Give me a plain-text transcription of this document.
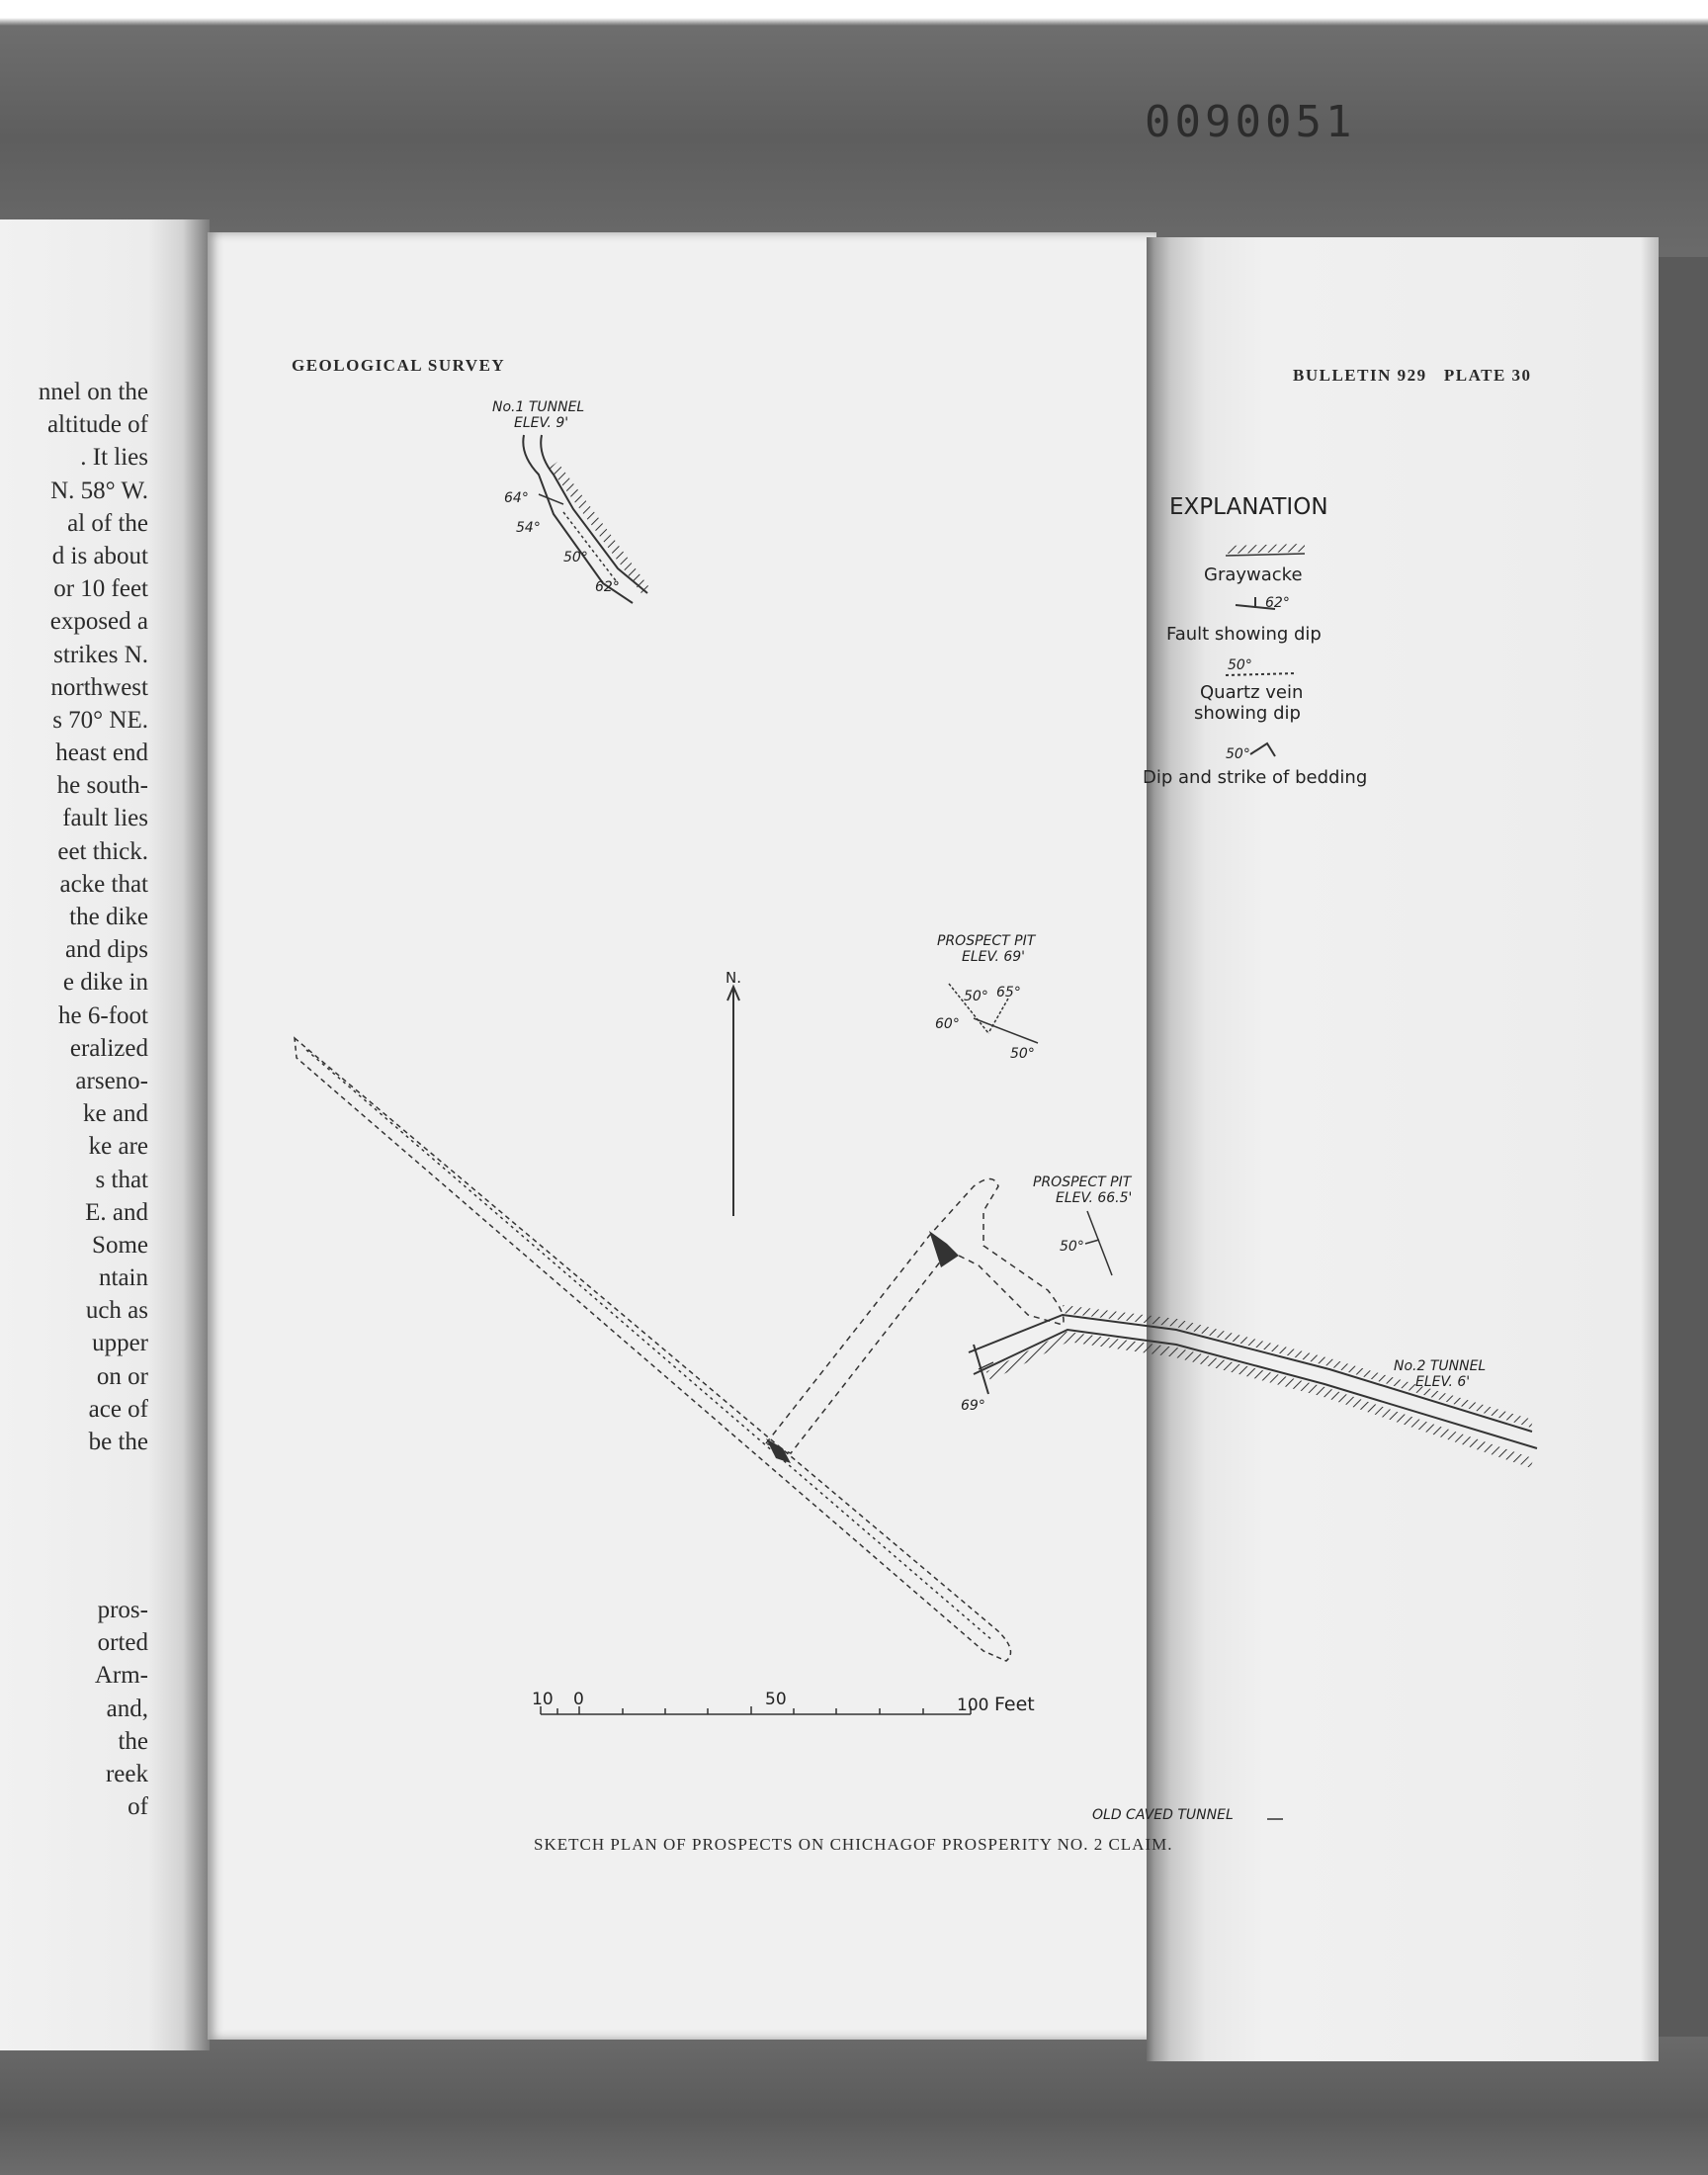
0090051
nnel on the
altitude of
. It lies
N. 58° W.
al of the
d is about
or 10 feet
exposed a
strikes N.
northwest
s 70° NE.
heast end
he south-
fault lies
eet thick.
acke that
the dike
and dips
e dike in
he 6-foot
eralized
arseno-
ke and
ke are
s that
E. and
Some
ntain
uch as
upper
on or
ace of
be the
pros-
orted
Arm-
and,
the
reek
of
GEOLOGICAL SURVEY
BULLETIN 929   PLATE 30
No.1 TUNNEL
ELEV. 9'
64°
54°
50°
62°
PROSPECT PIT
ELEV. 69'
50° 65°
60°
50°
N.
PROSPECT PIT
ELEV. 66.5'
50°
69°
No.2 TUNNEL
ELEV. 6'
10 0	50	100 Feet
OLD CAVED TUNNEL
EXPLANATION
Graywacke
62°
Fault showing dip
50°
Quartz vein
showing dip
50°
Dip and strike of bedding
SKETCH PLAN OF PROSPECTS ON CHICHAGOF PROSPERITY NO. 2 CLAIM.
